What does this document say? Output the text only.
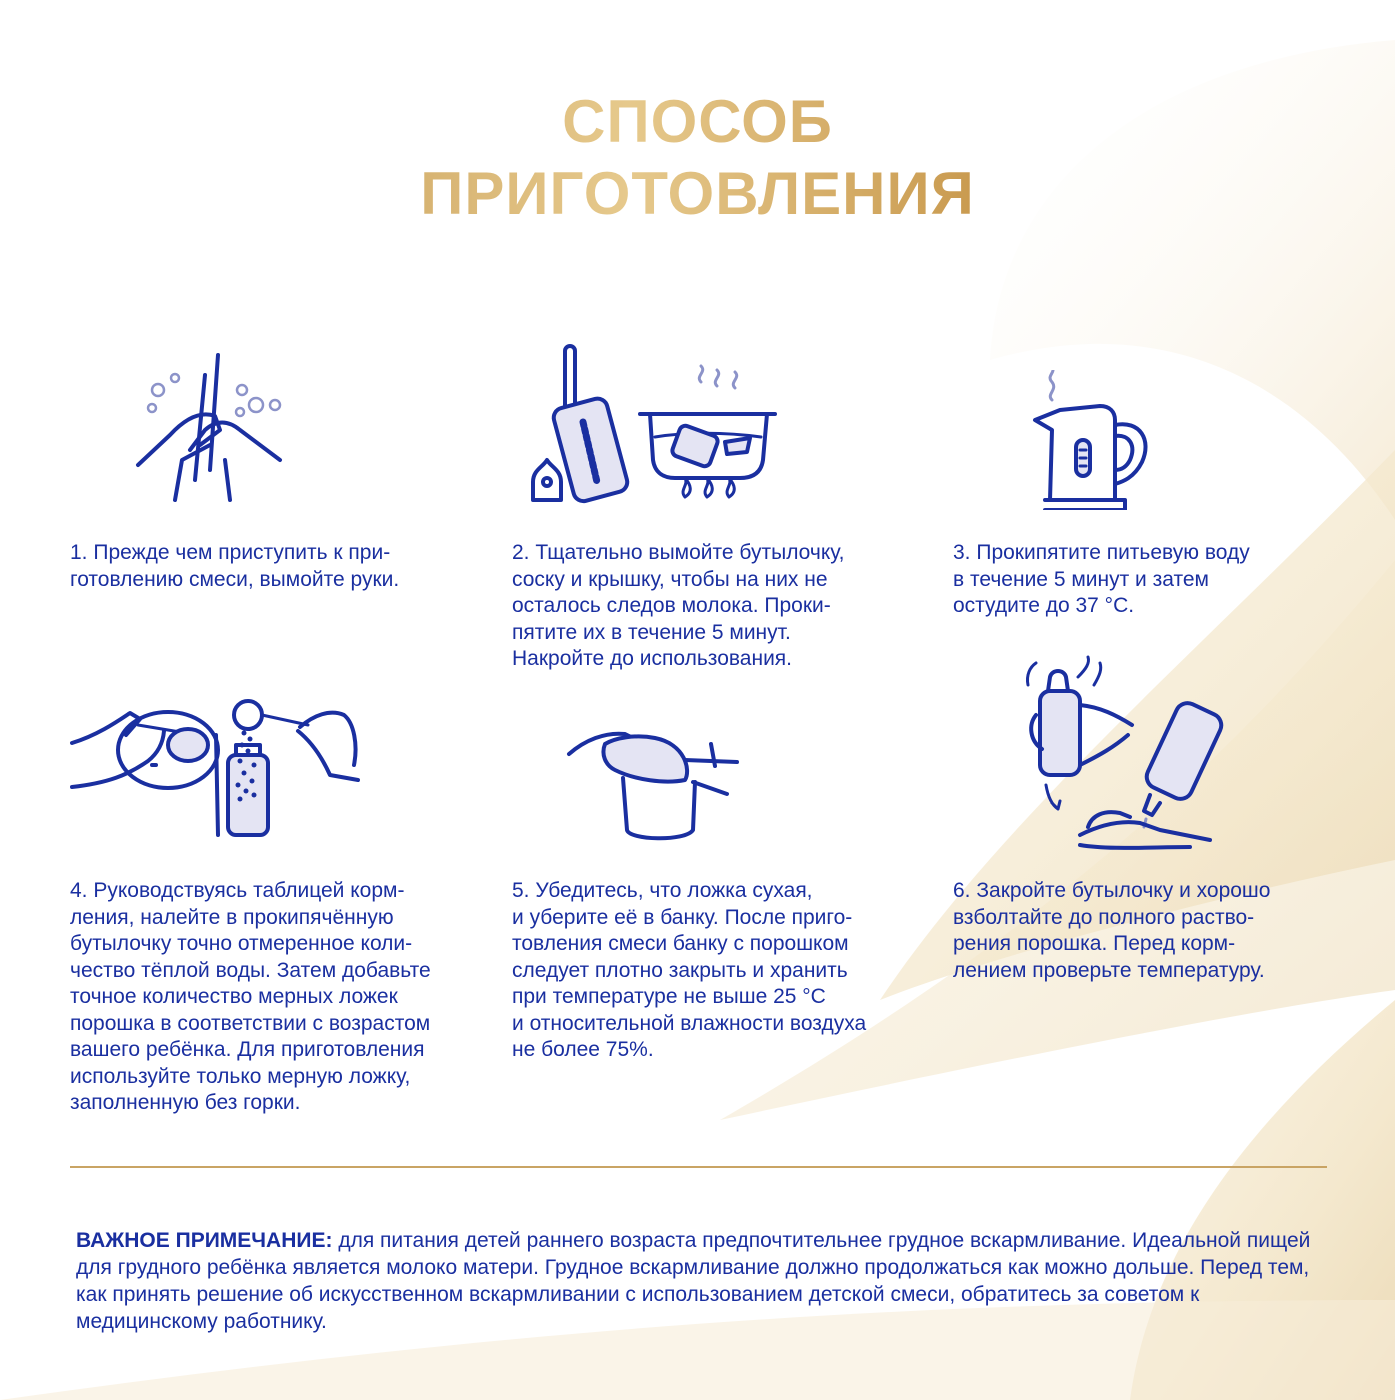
СПОСОБ
ПРИГОТОВЛЕНИЯ

1. Прежде чем приступить к при-
готовлению смеси, вымойте руки.

2. Тщательно вымойте бутылочку,
соску и крышку, чтобы на них не
осталось следов молока. Проки-
пятите их в течение 5 минут.
Накройте до использования.

3. Прокипятите питьевую воду
в течение 5 минут и затем
остудите до 37 °С.

4. Руководствуясь таблицей корм-
ления, налейте в прокипячённую
бутылочку точно отмеренное коли-
чество тёплой воды. Затем добавьте
точное количество мерных ложек
порошка в соответствии с возрастом
вашего ребёнка. Для приготовления
используйте только мерную ложку,
заполненную без горки.

5. Убедитесь, что ложка сухая,
и уберите её в банку. После приго-
товления смеси банку с порошком
следует плотно закрыть и хранить
при температуре не выше 25 °С
и относительной влажности воздуха
не более 75%.

6. Закройте бутылочку и хорошо
взболтайте до полного раство-
рения порошка. Перед корм-
лением проверьте температуру.

ВАЖНОЕ ПРИМЕЧАНИЕ: для питания детей раннего возраста предпочтительнее грудное вскармливание. Идеальной пищей для грудного ребёнка является молоко матери. Грудное вскармливание должно продолжаться как можно дольше. Перед тем, как принять решение об искусственном вскармливании с использованием детской смеси, обратитесь за советом к медицинскому работнику.
